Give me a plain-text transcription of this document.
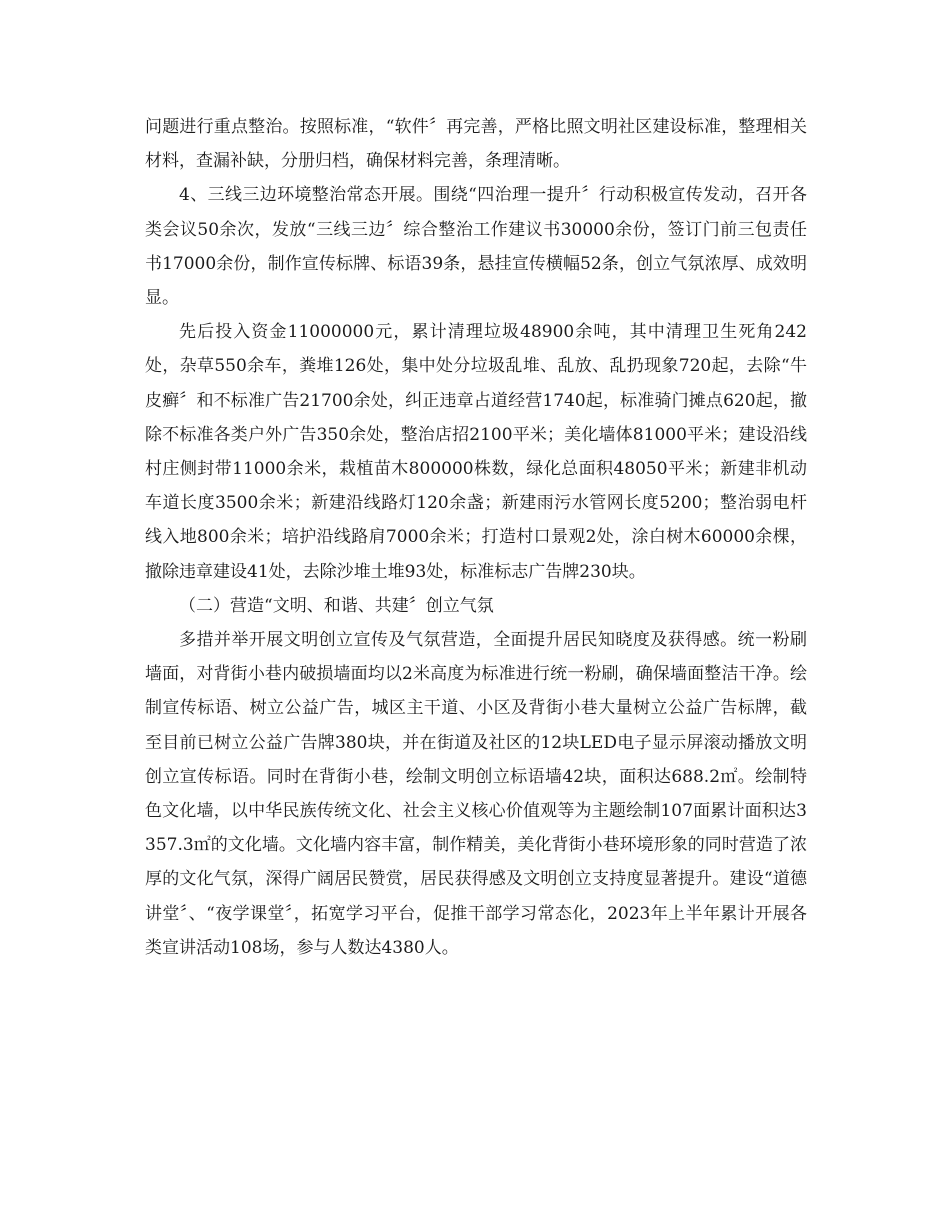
问题进行重点整治。按照标准，“软件〞再完善，严格比照文明社区建设标准，整理相关材料，查漏补缺，分册归档，确保材料完善，条理清晰。

4、三线三边环境整治常态开展。围绕“四治理一提升〞行动积极宣传发动，召开各类会议50余次，发放“三线三边〞综合整治工作建议书30000余份，签订门前三包责任书17000余份，制作宣传标牌、标语39条，悬挂宣传横幅52条，创立气氛浓厚、成效明显。

先后投入资金11000000元，累计清理垃圾48900余吨，其中清理卫生死角242处，杂草550余车，粪堆126处，集中处分垃圾乱堆、乱放、乱扔现象720起，去除“牛皮癣〞和不标准广告21700余处，纠正违章占道经营1740起，标准骑门摊点620起，撤除不标准各类户外广告350余处，整治店招2100平米；美化墙体81000平米；建设沿线村庄侧封带11000余米，栽植苗木800000株数，绿化总面积48050平米；新建非机动车道长度3500余米；新建沿线路灯120余盏；新建雨污水管网长度5200；整治弱电杆线入地800余米；培护沿线路肩7000余米；打造村口景观2处，涂白树木60000余棵，撤除违章建设41处，去除沙堆土堆93处，标准标志广告牌230块。

（二）营造“文明、和谐、共建〞创立气氛

多措并举开展文明创立宣传及气氛营造，全面提升居民知晓度及获得感。统一粉刷墙面，对背街小巷内破损墙面均以2米高度为标准进行统一粉刷，确保墙面整洁干净。绘制宣传标语、树立公益广告，城区主干道、小区及背街小巷大量树立公益广告标牌，截至目前已树立公益广告牌380块，并在街道及社区的12块LED电子显示屏滚动播放文明创立宣传标语。同时在背街小巷，绘制文明创立标语墙42块，面积达688.2㎡。绘制特色文化墙，以中华民族传统文化、社会主义核心价值观等为主题绘制107面累计面积达3357.3㎡的文化墙。文化墙内容丰富，制作精美，美化背街小巷环境形象的同时营造了浓厚的文化气氛，深得广阔居民赞赏，居民获得感及文明创立支持度显著提升。建设“道德讲堂〞、“夜学课堂〞，拓宽学习平台，促推干部学习常态化，2023年上半年累计开展各类宣讲活动108场，参与人数达4380人。
